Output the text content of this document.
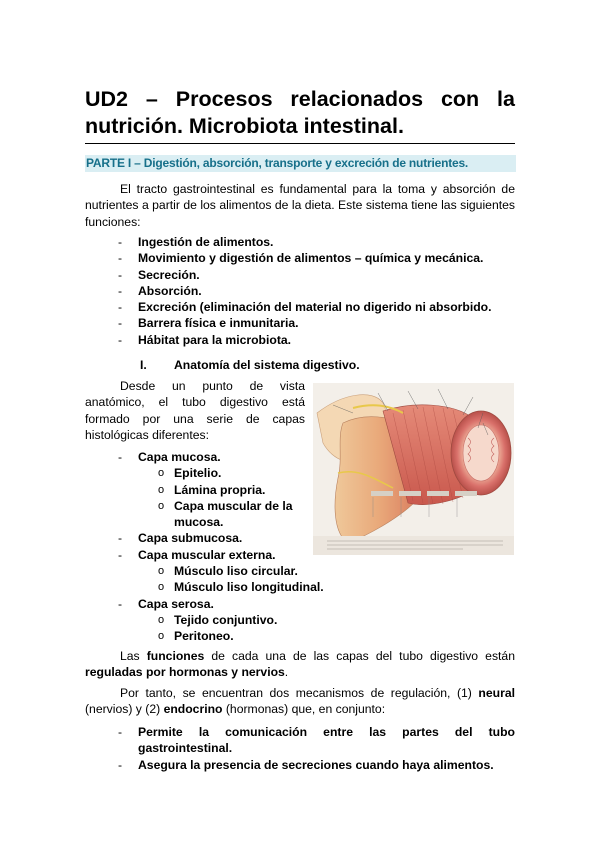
UD2 – Procesos relacionados con la nutrición. Microbiota intestinal.
PARTE I – Digestión, absorción, transporte y excreción de nutrientes.
El tracto gastrointestinal es fundamental para la toma y absorción de nutrientes a partir de los alimentos de la dieta. Este sistema tiene las siguientes funciones:
- Ingestión de alimentos.
- Movimiento y digestión de alimentos – química y mecánica.
- Secreción.
- Absorción.
- Excreción (eliminación del material no digerido ni absorbido.
- Barrera física e inmunitaria.
- Hábitat para la microbiota.
I. Anatomía del sistema digestivo.
Desde un punto de vista anatómico, el tubo digestivo está formado por una serie de capas histológicas diferentes:
- Capa mucosa.
o Epitelio.
o Lámina propria.
o Capa muscular de la mucosa.
- Capa submucosa.
- Capa muscular externa.
o Músculo liso circular.
o Músculo liso longitudinal.
- Capa serosa.
o Tejido conjuntivo.
o Peritoneo.
Las funciones de cada una de las capas del tubo digestivo están reguladas por hormonas y nervios.
Por tanto, se encuentran dos mecanismos de regulación, (1) neural (nervios) y (2) endocrino (hormonas) que, en conjunto:
- Permite la comunicación entre las partes del tubo gastrointestinal.
- Asegura la presencia de secreciones cuando haya alimentos.
